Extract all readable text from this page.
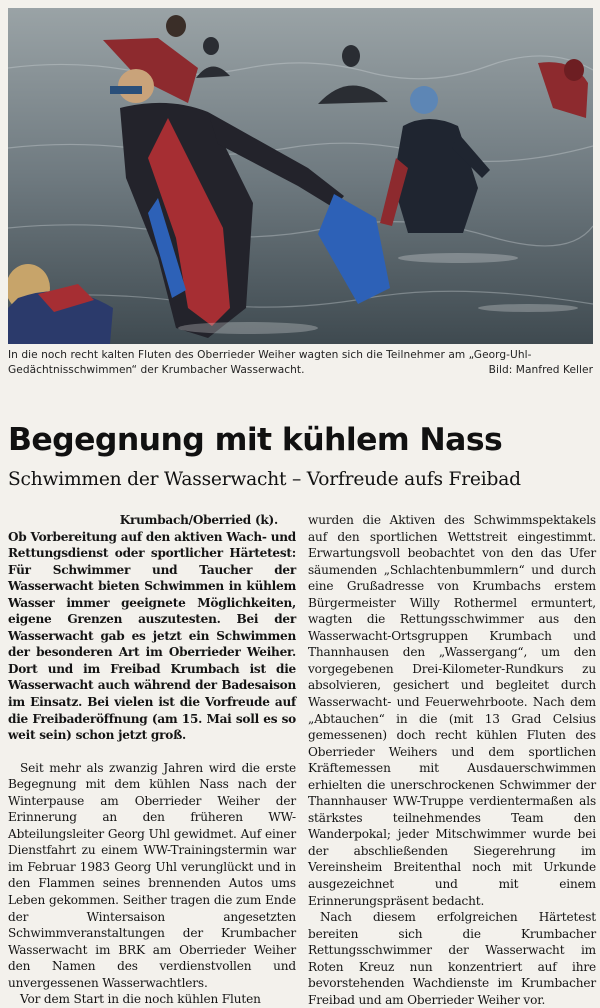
In die noch recht kalten Fluten des Oberrieder Weiher wagten sich die Teilnehmer am „Georg-Uhl-Gedächtnisschwimmen“ der Krumbacher Wasserwacht.	Bild: Manfred Keller
Begegnung mit kühlem Nass
Schwimmen der Wasserwacht – Vorfreude aufs Freibad

Krumbach/Oberried (k).
Ob Vorbereitung auf den aktiven Wach- und Rettungsdienst oder sportlicher Härtetest: Für Schwimmer und Taucher der Wasserwacht bieten Schwimmen in kühlem Wasser immer geeignete Möglichkeiten, eigene Grenzen auszutesten. Bei der Wasserwacht gab es jetzt ein Schwimmen der besonderen Art im Oberrieder Weiher. Dort und im Freibad Krumbach ist die Wasserwacht auch während der Badesaison im Einsatz. Bei vielen ist die Vorfreude auf die Freibaderöffnung (am 15. Mai soll es so weit sein) schon jetzt groß.

Seit mehr als zwanzig Jahren wird die erste Begegnung mit dem kühlen Nass nach der Winterpause am Oberrieder Weiher der Erinnerung an den früheren WW-Abteilungsleiter Georg Uhl gewidmet. Auf einer Dienstfahrt zu einem WW-Trainingstermin war im Februar 1983 Georg Uhl verunglückt und in den Flammen seines brennenden Autos ums Leben gekommen. Seither tragen die zum Ende der Wintersaison angesetzten Schwimmveranstaltungen der Krumbacher Wasserwacht im BRK am Oberrieder Weiher den Namen des verdienstvollen und unvergessenen Wasserwachtlers.

Vor dem Start in die noch kühlen Fluten

wurden die Aktiven des Schwimmspektakels auf den sportlichen Wettstreit eingestimmt. Erwartungsvoll beobachtet von den das Ufer säumenden „Schlachtenbummlern“ und durch eine Grußadresse von Krumbachs erstem Bürgermeister Willy Rothermel ermuntert, wagten die Rettungsschwimmer aus den Wasserwacht-Ortsgruppen Krumbach und Thannhausen den „Wassergang“, um den vorgegebenen Drei-Kilometer-Rundkurs zu absolvieren, gesichert und begleitet durch Wasserwacht- und Feuerwehrboote. Nach dem „Abtauchen“ in die (mit 13 Grad Celsius gemessenen) doch recht kühlen Fluten des Oberrieder Weihers und dem sportlichen Kräftemessen mit Ausdauerschwimmen erhielten die unerschrockenen Schwimmer der Thannhauser WW-Truppe verdientermaßen als stärkstes teilnehmendes Team den Wanderpokal; jeder Mitschwimmer wurde bei der abschließenden Siegerehrung im Vereinsheim Breitenthal noch mit Urkunde ausgezeichnet und mit einem Erinnerungspräsent bedacht.

Nach diesem erfolgreichen Härtetest bereiten sich die Krumbacher Rettungsschwimmer der Wasserwacht im Roten Kreuz nun konzentriert auf ihre bevorstehenden Wachdienste im Krumbacher Freibad und am Oberrieder Weiher vor.
